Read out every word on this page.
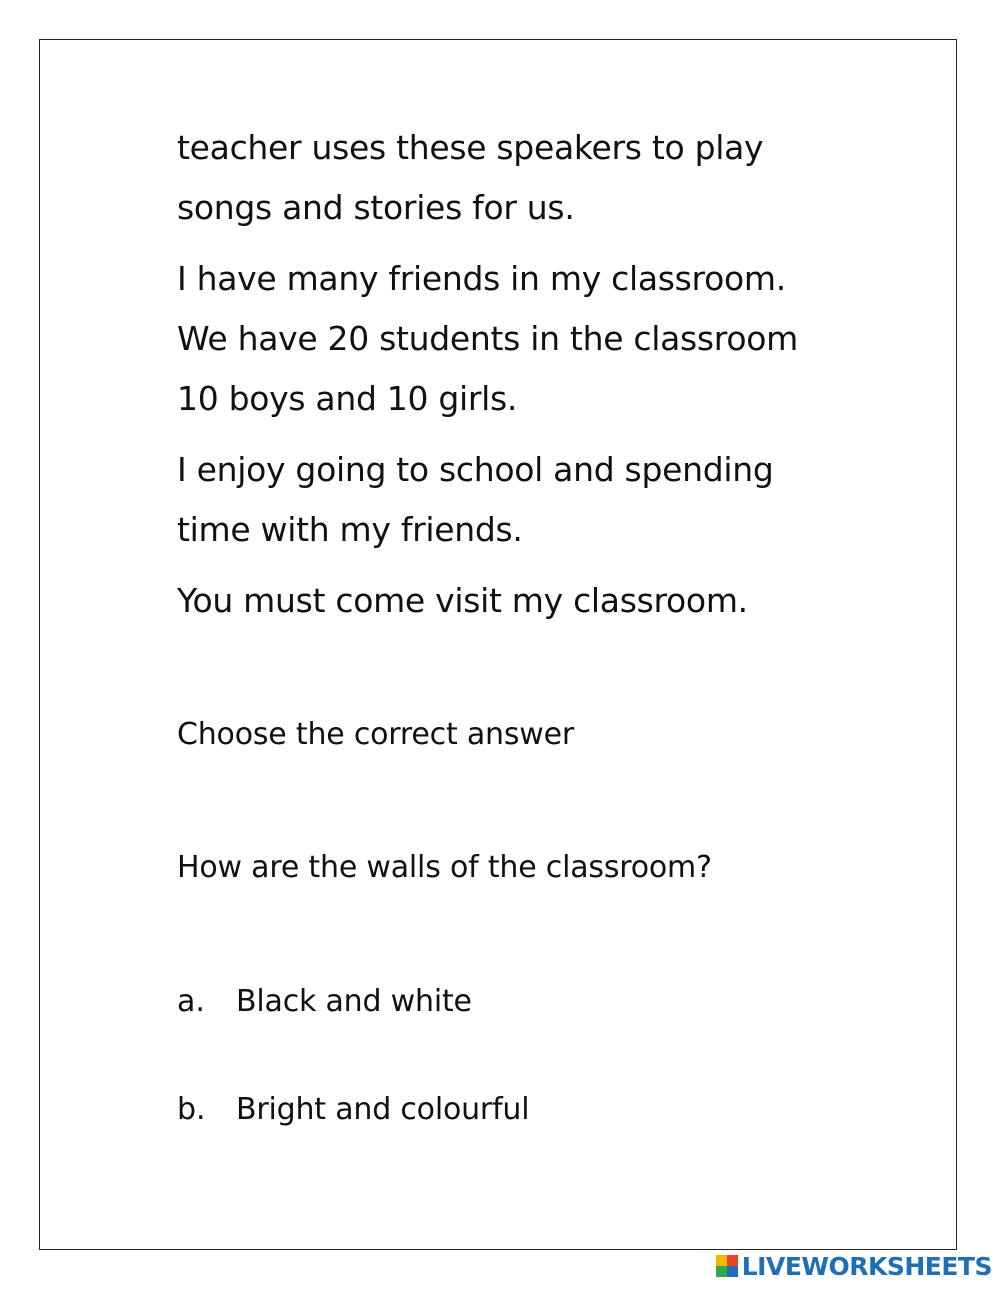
teacher uses these speakers to play
songs and stories for us.

I have many friends in my classroom.
We have 20 students in the classroom
10 boys and 10 girls.

I enjoy going to school and spending
time with my friends.

You must come visit my classroom.

Choose the correct answer
How are the walls of the classroom?
a. Black and white
b. Bright and colourful
LIVEWORKSHEETS
